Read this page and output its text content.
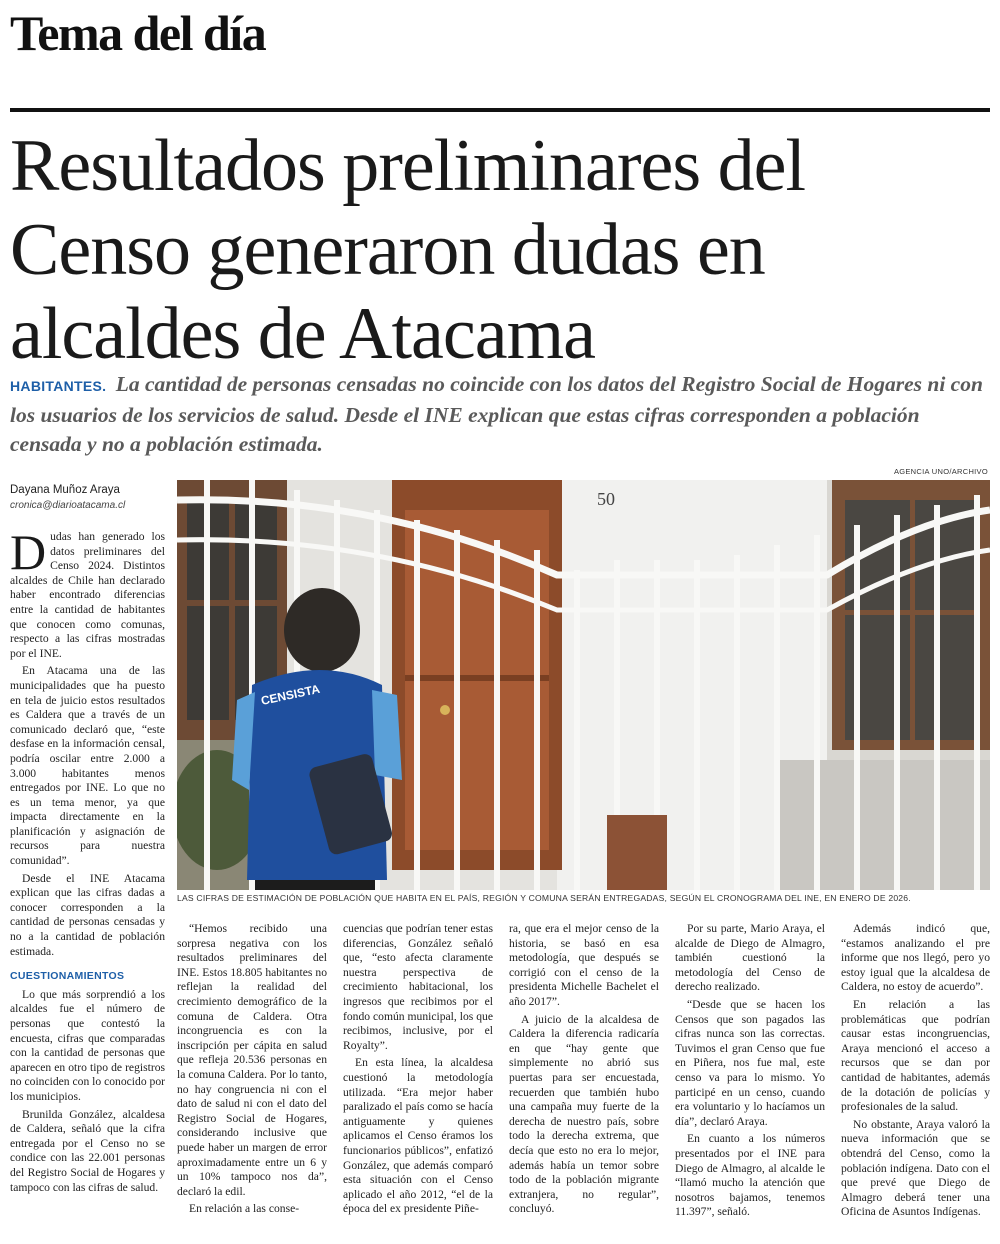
Tema del día
Resultados preliminares del
Censo generaron dudas en
alcaldes de Atacama
HABITANTES. La cantidad de personas censadas no coincide con los datos del Registro Social de Hogares ni con los usuarios de los servicios de salud. Desde el INE explican que estas cifras corresponden a población censada y no a población estimada.
Dayana Muñoz Araya
cronica@diarioatacama.cl
AGENCIA UNO/ARCHIVO
50
CENSISTA
LAS CIFRAS DE ESTIMACIÓN DE POBLACIÓN QUE HABITA EN EL PAÍS, REGIÓN Y COMUNA SERÁN ENTREGADAS, SEGÚN EL CRONOGRAMA DEL INE, EN ENERO DE 2026.

Dudas han generado los datos preliminares del Censo 2024. Distintos alcaldes de Chile han declarado haber encontrado diferencias entre la cantidad de habitantes que conocen como comunas, respecto a las cifras mostradas por el INE.

En Atacama una de las municipalidades que ha puesto en tela de juicio estos resultados es Caldera que a través de un comunicado declaró que, “este desfase en la información censal, podría oscilar entre 2.000 a 3.000 habitantes menos entregados por INE. Lo que no es un tema menor, ya que impacta directamente en la planificación y asignación de recursos para nuestra comunidad”.

Desde el INE Atacama explican que las cifras dadas a conocer corresponden a la cantidad de personas censadas y no a la cantidad de población estimada.

CUESTIONAMIENTOS

Lo que más sorprendió a los alcaldes fue el número de personas que contestó la encuesta, cifras que comparadas con la cantidad de personas que aparecen en otro tipo de registros no coinciden con lo conocido por los municipios.

Brunilda González, alcaldesa de Caldera, señaló que la cifra entregada por el Censo no se condice con las 22.001 personas del Registro Social de Hogares y tampoco con las cifras de salud.

“Hemos recibido una sorpresa negativa con los resultados preliminares del INE. Estos 18.805 habitantes no reflejan la realidad del crecimiento demográfico de la comuna de Caldera. Otra incongruencia es con la inscripción per cápita en salud que refleja 20.536 personas en la comuna Caldera. Por lo tanto, no hay congruencia ni con el dato de salud ni con el dato del Registro Social de Hogares, considerando inclusive que puede haber un margen de error aproximadamente entre un 6 y un 10% tampoco nos da”, declaró la edil.

En relación a las conse-

cuencias que podrían tener estas diferencias, González señaló que, “esto afecta claramente nuestra perspectiva de crecimiento habitacional, los ingresos que recibimos por el fondo común municipal, los que recibimos, inclusive, por el Royalty”.

En esta línea, la alcaldesa cuestionó la metodología utilizada. “Era mejor haber paralizado el país como se hacía antiguamente y quienes aplicamos el Censo éramos los funcionarios públicos”, enfatizó González, que además comparó esta situación con el Censo aplicado el año 2012, “el de la época del ex presidente Piñe-

ra, que era el mejor censo de la historia, se basó en esa metodología, que después se corrigió con el censo de la presidenta Michelle Bachelet el año 2017”.

A juicio de la alcaldesa de Caldera la diferencia radicaría en que “hay gente que simplemente no abrió sus puertas para ser encuestada, recuerden que también hubo una campaña muy fuerte de la derecha de nuestro país, sobre todo la derecha extrema, que decía que esto no era lo mejor, además había un temor sobre todo de la población migrante extranjera, no regular”, concluyó.

Por su parte, Mario Araya, el alcalde de Diego de Almagro, también cuestionó la metodología del Censo de derecho realizado.

“Desde que se hacen los Censos que son pagados las cifras nunca son las correctas. Tuvimos el gran Censo que fue en Piñera, nos fue mal, este censo va para lo mismo. Yo participé en un censo, cuando era voluntario y lo hacíamos un día”, declaró Araya.

En cuanto a los números presentados por el INE para Diego de Almagro, al alcalde le “llamó mucho la atención que nosotros bajamos, tenemos 11.397”, señaló.

Además indicó que, “estamos analizando el pre informe que nos llegó, pero yo estoy igual que la alcaldesa de Caldera, no estoy de acuerdo”.

En relación a las problemáticas que podrían causar estas incongruencias, Araya mencionó el acceso a recursos que se dan por cantidad de habitantes, además de la dotación de policías y profesionales de la salud.

No obstante, Araya valoró la nueva información que se obtendrá del Censo, como la población indígena. Dato con el que prevé que Diego de Almagro deberá tener una Oficina de Asuntos Indígenas.
